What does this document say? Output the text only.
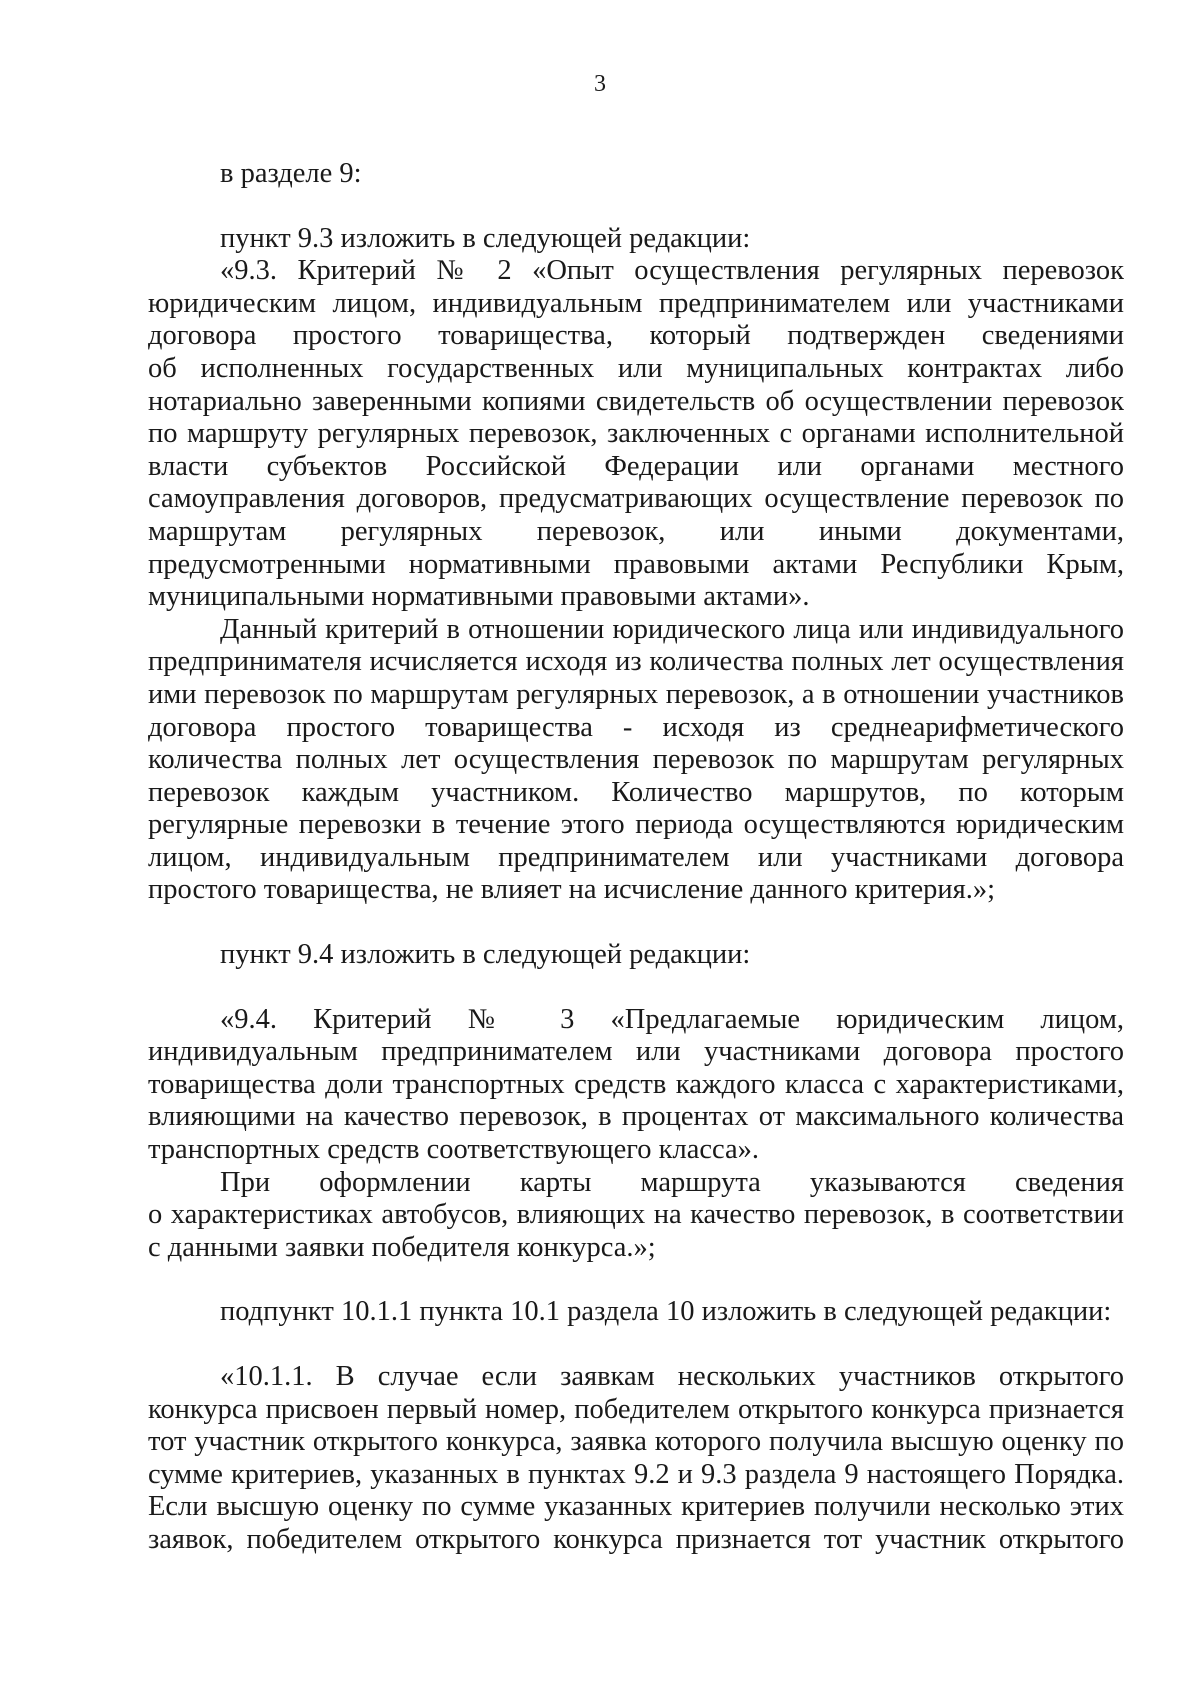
3
в разделе 9:
пункт 9.3 изложить в следующей редакции:
«9.3. Критерий № 2 «Опыт осуществления регулярных перевозок
юридическим лицом, индивидуальным предпринимателем или участниками
договора простого товарищества, который подтвержден сведениями
об исполненных государственных или муниципальных контрактах либо
нотариально заверенными копиями свидетельств об осуществлении перевозок
по маршруту регулярных перевозок, заключенных с органами исполнительной
власти субъектов Российской Федерации или органами местного
самоуправления договоров, предусматривающих осуществление перевозок по
маршрутам регулярных перевозок, или иными документами,
предусмотренными нормативными правовыми актами Республики Крым,
муниципальными нормативными правовыми актами».
Данный критерий в отношении юридического лица или индивидуального
предпринимателя исчисляется исходя из количества полных лет осуществления
ими перевозок по маршрутам регулярных перевозок, а в отношении участников
договора простого товарищества - исходя из среднеарифметического
количества полных лет осуществления перевозок по маршрутам регулярных
перевозок каждым участником. Количество маршрутов, по которым
регулярные перевозки в течение этого периода осуществляются юридическим
лицом, индивидуальным предпринимателем или участниками договора
простого товарищества, не влияет на исчисление данного критерия.»;
пункт 9.4 изложить в следующей редакции:
«9.4. Критерий № 3 «Предлагаемые юридическим лицом,
индивидуальным предпринимателем или участниками договора простого
товарищества доли транспортных средств каждого класса с характеристиками,
влияющими на качество перевозок, в процентах от максимального количества
транспортных средств соответствующего класса».
При оформлении карты маршрута указываются сведения
о характеристиках автобусов, влияющих на качество перевозок, в соответствии
с данными заявки победителя конкурса.»;
подпункт 10.1.1 пункта 10.1 раздела 10 изложить в следующей редакции:
«10.1.1. В случае если заявкам нескольких участников открытого
конкурса присвоен первый номер, победителем открытого конкурса признается
тот участник открытого конкурса, заявка которого получила высшую оценку по
сумме критериев, указанных в пунктах 9.2 и 9.3 раздела 9 настоящего Порядка.
Если высшую оценку по сумме указанных критериев получили несколько этих
заявок, победителем открытого конкурса признается тот участник открытого
